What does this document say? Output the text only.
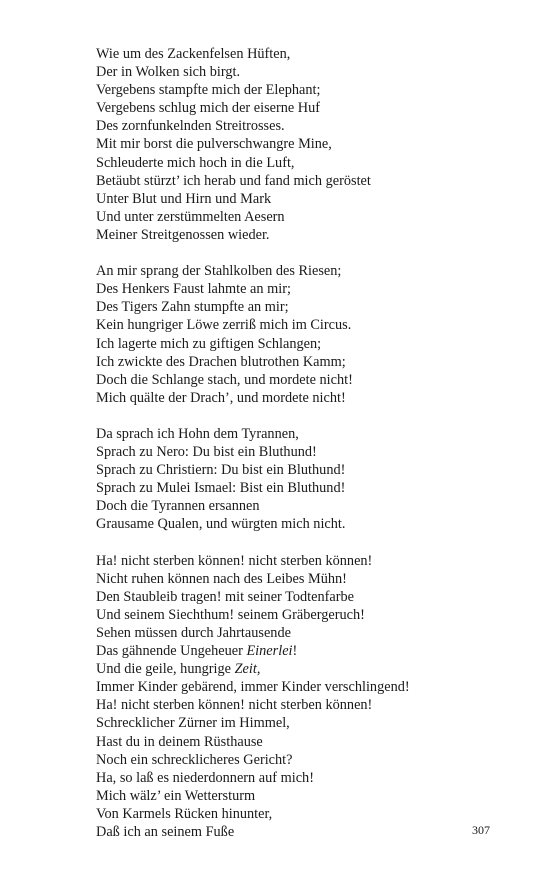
Wie um des Zackenfelsen Hüften,
Der in Wolken sich birgt.
Vergebens stampfte mich der Elephant;
Vergebens schlug mich der eiserne Huf
Des zornfunkelnden Streitrosses.
Mit mir borst die pulverschwangre Mine,
Schleuderte mich hoch in die Luft,
Betäubt stürzt’ ich herab und fand mich geröstet
Unter Blut und Hirn und Mark
Und unter zerstümmelten Aesern
Meiner Streitgenossen wieder.
An mir sprang der Stahlkolben des Riesen;
Des Henkers Faust lahmte an mir;
Des Tigers Zahn stumpfte an mir;
Kein hungriger Löwe zerriß mich im Circus.
Ich lagerte mich zu giftigen Schlangen;
Ich zwickte des Drachen blutrothen Kamm;
Doch die Schlange stach, und mordete nicht!
Mich quälte der Drach’, und mordete nicht!
Da sprach ich Hohn dem Tyrannen,
Sprach zu Nero: Du bist ein Bluthund!
Sprach zu Christiern: Du bist ein Bluthund!
Sprach zu Mulei Ismael: Bist ein Bluthund!
Doch die Tyrannen ersannen
Grausame Qualen, und würgten mich nicht.
Ha! nicht sterben können! nicht sterben können!
Nicht ruhen können nach des Leibes Mühn!
Den Staubleib tragen! mit seiner Todtenfarbe
Und seinem Siechthum! seinem Gräbergeruch!
Sehen müssen durch Jahrtausende
Das gähnende Ungeheuer Einerlei!
Und die geile, hungrige Zeit,
Immer Kinder gebärend, immer Kinder verschlingend!
Ha! nicht sterben können! nicht sterben können!
Schrecklicher Zürner im Himmel,
Hast du in deinem Rüsthause
Noch ein schrecklicheres Gericht?
Ha, so laß es niederdonnern auf mich!
Mich wälz’ ein Wettersturm
Von Karmels Rücken hinunter,
Daß ich an seinem Fuße	307
